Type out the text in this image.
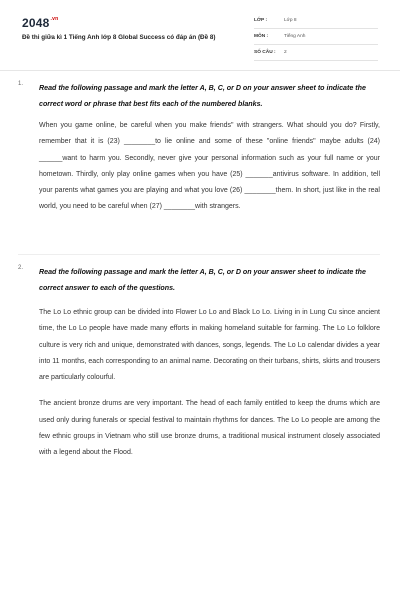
$2048^{.vn}$
Đề thi giữa kì 1 Tiếng Anh lớp 8 Global Success có đáp án (Đề 8)
LỚP :	Lớp 8
MÔN :	Tiếng Anh
SỐ CÂU :	2
1. Read the following passage and mark the letter A, B, C, or D on your answer sheet to indicate the correct word or phrase that best fits each of the numbered blanks.
When you game online, be careful when you make friends" with strangers. What should you do? Firstly, remember that it is (23) ________to lie online and some of these "online friends" maybe adults (24) ______want to harm you. Secondly, never give your personal information such as your full name or your hometown. Thirdly, only play online games when you have (25) _______antivirus software. In addition, tell your parents what games you are playing and what you love (26) ________them. In short, just like in the real world, you need to be careful when (27) ________with strangers.
2. Read the following passage and mark the letter A, B, C, or D on your answer sheet to indicate the correct answer to each of the questions.
The Lo Lo ethnic group can be divided into Flower Lo Lo and Black Lo Lo. Living in in Lung Cu since ancient time, the Lo Lo people have made many efforts in making homeland suitable for farming. The Lo Lo folklore culture is very rich and unique, demonstrated with dances, songs, legends. The Lo Lo calendar divides a year into 11 months, each corresponding to an animal name. Decorating on their turbans, shirts, skirts and trousers are particularly colourful.
The ancient bronze drums are very important. The head of each family entitled to keep the drums which are used only during funerals or special festival to maintain rhythms for dances. The Lo Lo people are among the few ethnic groups in Vietnam who still use bronze drums, a traditional musical instrument closely associated with a legend about the Flood.
